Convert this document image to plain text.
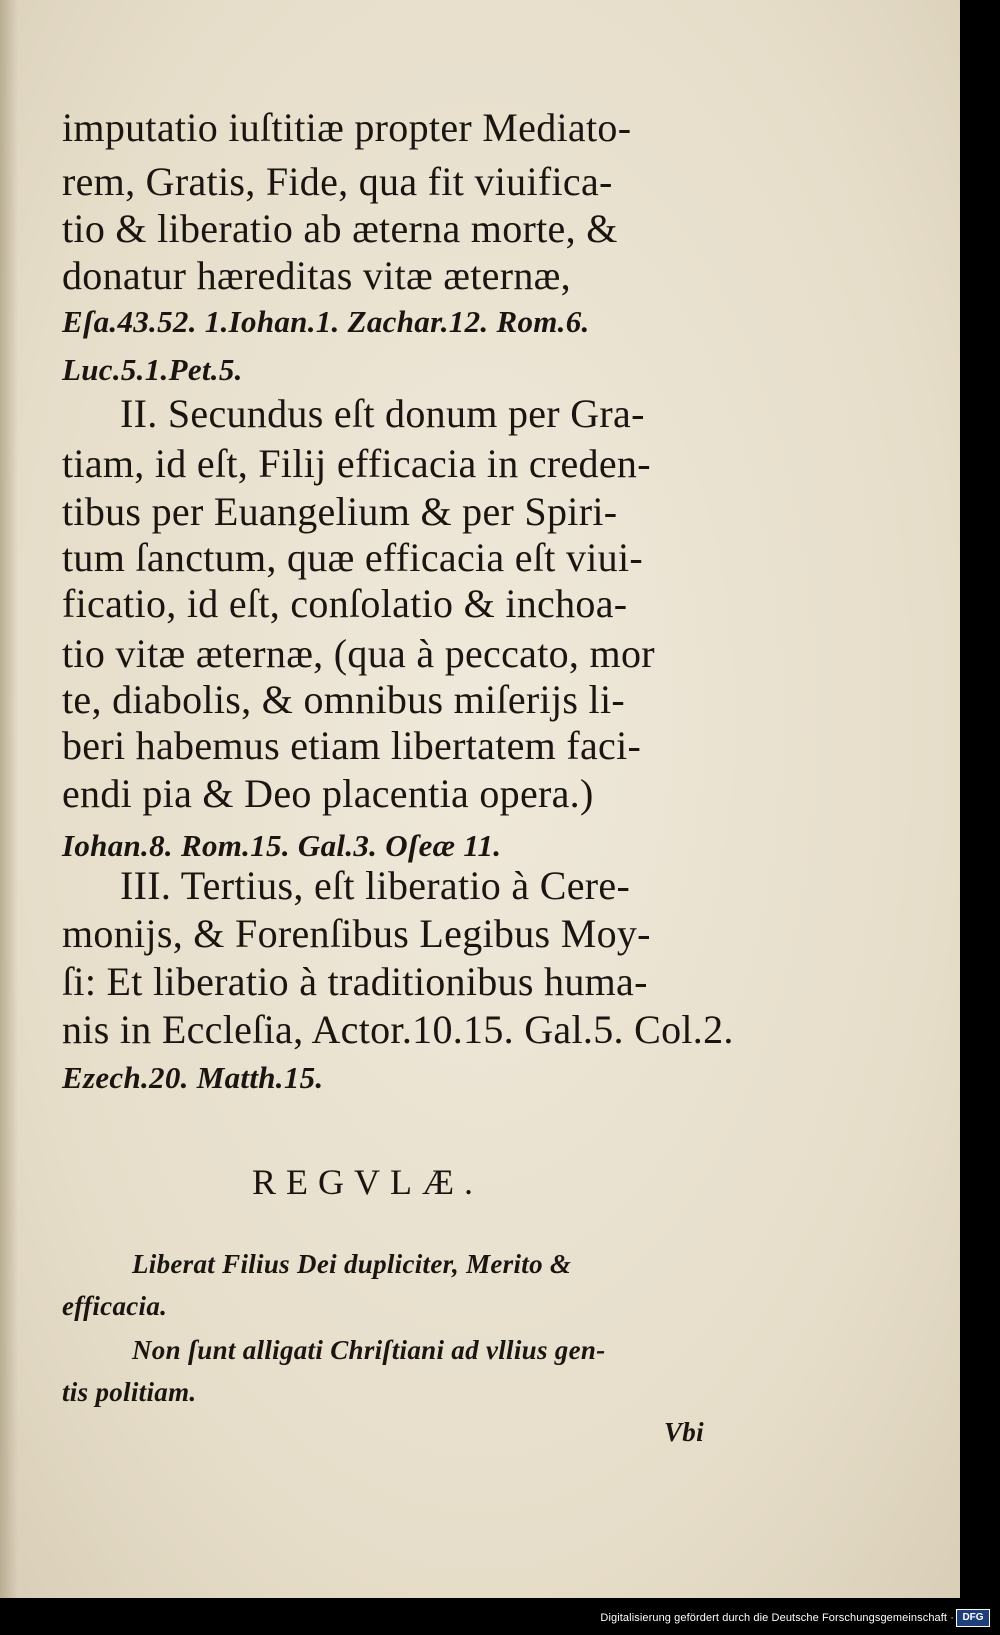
imputatio iuſtitiæ propter Mediato-
rem, Gratis, Fide, qua fit viuifica-
tio & liberatio ab æterna morte, &
donatur hæreditas vitæ æternæ,
Eſa.43.52. 1.Iohan.1. Zachar.12. Rom.6.
Luc.5.1.Pet.5.
II. Secundus eſt donum per Gra-
tiam, id eſt, Filij efficacia in creden-
tibus per Euangelium & per Spiri-
tum ſanctum, quæ efficacia eſt viui-
ficatio, id eſt, conſolatio & inchoa-
tio vitæ æternæ, (qua à peccato, mor
te, diabolis, & omnibus miſerijs li-
beri habemus etiam libertatem faci-
endi pia & Deo placentia opera.)
Iohan.8. Rom.15. Gal.3. Oſeæ 11.
III. Tertius, eſt liberatio à Cere-
monijs, & Forenſibus Legibus Moy-
ſi: Et liberatio à traditionibus huma-
nis in Eccleſia, Actor.10.15. Gal.5. Col.2.
Ezech.20. Matth.15.
REGVLÆ.
Liberat Filius Dei dupliciter, Merito &
efficacia.
Non ſunt alligati Chriſtiani ad vllius gen-
tis politiam.
Vbi
Digitalisierung gefördert durch die Deutsche Forschungsgemeinschaft · DFG
